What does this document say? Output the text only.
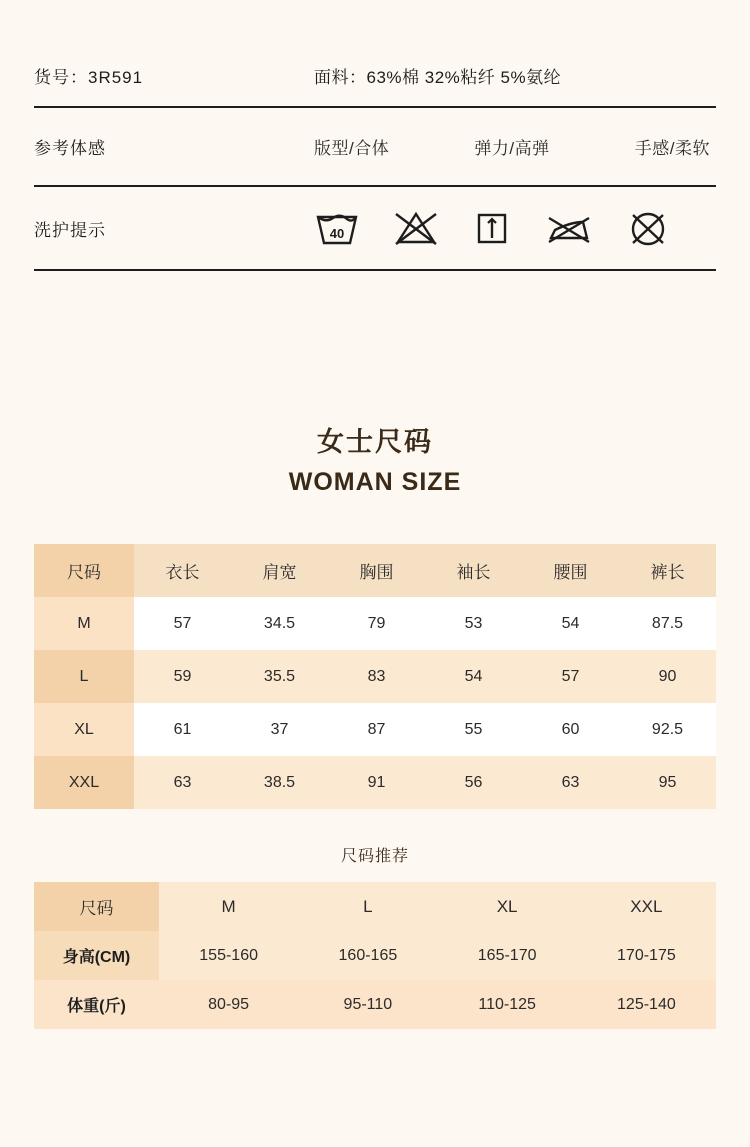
货号：3R591	面料：63%棉 32%粘纤 5%氨纶
参考体感	版型/合体	弹力/高弹	手感/柔软
洗护提示	40
女士尺码
WOMAN SIZE
尺码	衣长	肩宽	胸围	袖长	腰围	裤长
M	57	34.5	79	53	54	87.5
L	59	35.5	83	54	57	90
XL	61	37	87	55	60	92.5
XXL	63	38.5	91	56	63	95
尺码推荐
尺码	M	L	XL	XXL
身高(CM)	155-160	160-165	165-170	170-175
体重(斤)	80-95	95-110	110-125	125-140
